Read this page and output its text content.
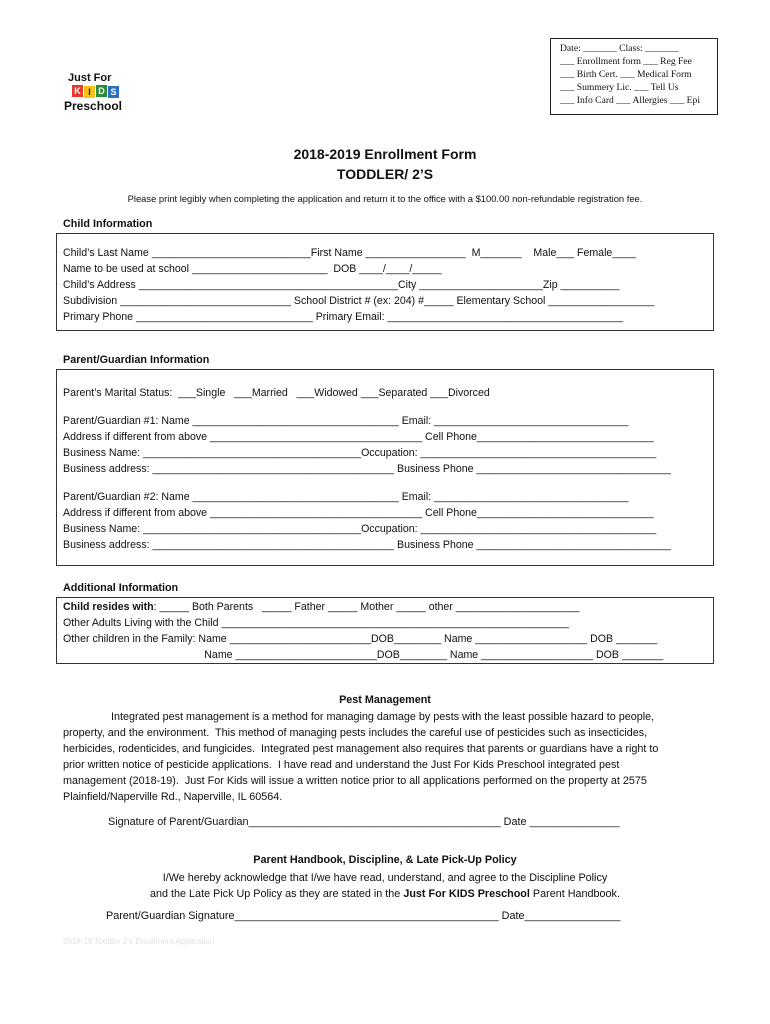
Date: _______ Class: _______
___ Enrollment form ___ Reg Fee
___ Birth Cert. ___ Medical Form
___ Summery Lic. ___ Tell Us
___ Info Card ___ Allergies ___ Epi
Just For
K I D S
Preschool
2018-2019 Enrollment Form
TODDLER/ 2’S
Please print legibly when completing the application and return it to the office with a $100.00 non-refundable registration fee.
Child Information
Child’s Last Name ___________________________First Name _________________  M_______    Male___ Female____
Name to be used at school _______________________  DOB ____/____/_____
Child’s Address ____________________________________________City _____________________Zip __________
Subdivision _____________________________ School District # (ex: 204) #_____ Elementary School __________________
Primary Phone ______________________________ Primary Email: ________________________________________
Parent/Guardian Information
Parent’s Marital Status:  ___Single   ___Married   ___Widowed ___Separated ___Divorced
Parent/Guardian #1: Name ___________________________________ Email: _________________________________
Address if different from above ____________________________________ Cell Phone______________________________
Business Name: _____________________________________Occupation: ________________________________________
Business address: _________________________________________ Business Phone _________________________________
Parent/Guardian #2: Name ___________________________________ Email: _________________________________
Address if different from above ____________________________________ Cell Phone______________________________
Business Name: _____________________________________Occupation: ________________________________________
Business address: _________________________________________ Business Phone _________________________________
Additional Information
Child resides with: _____ Both Parents   _____ Father _____ Mother _____ other _____________________
Other Adults Living with the Child ___________________________________________________________
Other children in the Family: Name ________________________DOB________ Name ___________________ DOB _______
Name ________________________DOB________ Name ___________________ DOB _______
Pest Management
Integrated pest management is a method for managing damage by pests with the least possible hazard to people,
property, and the environment.  This method of managing pests includes the careful use of pesticides such as insecticides,
herbicides, rodenticides, and fungicides.  Integrated pest management also requires that parents or guardians have a right to
prior written notice of pesticide applications.  I have read and understand the Just For Kids Preschool integrated pest
management (2018-19).  Just For Kids will issue a written notice prior to all applications performed on the property at 2575
Plainfield/Naperville Rd., Naperville, IL 60564.
Signature of Parent/Guardian__________________________________________ Date _______________
Parent Handbook, Discipline, & Late Pick-Up Policy
I/We hereby acknowledge that I/we have read, understand, and agree to the Discipline Policy
and the Late Pick Up Policy as they are stated in the Just For KIDS Preschool Parent Handbook.
Parent/Guardian Signature____________________________________________ Date________________
2018-19 Toddler 2’s Enrollment Application
